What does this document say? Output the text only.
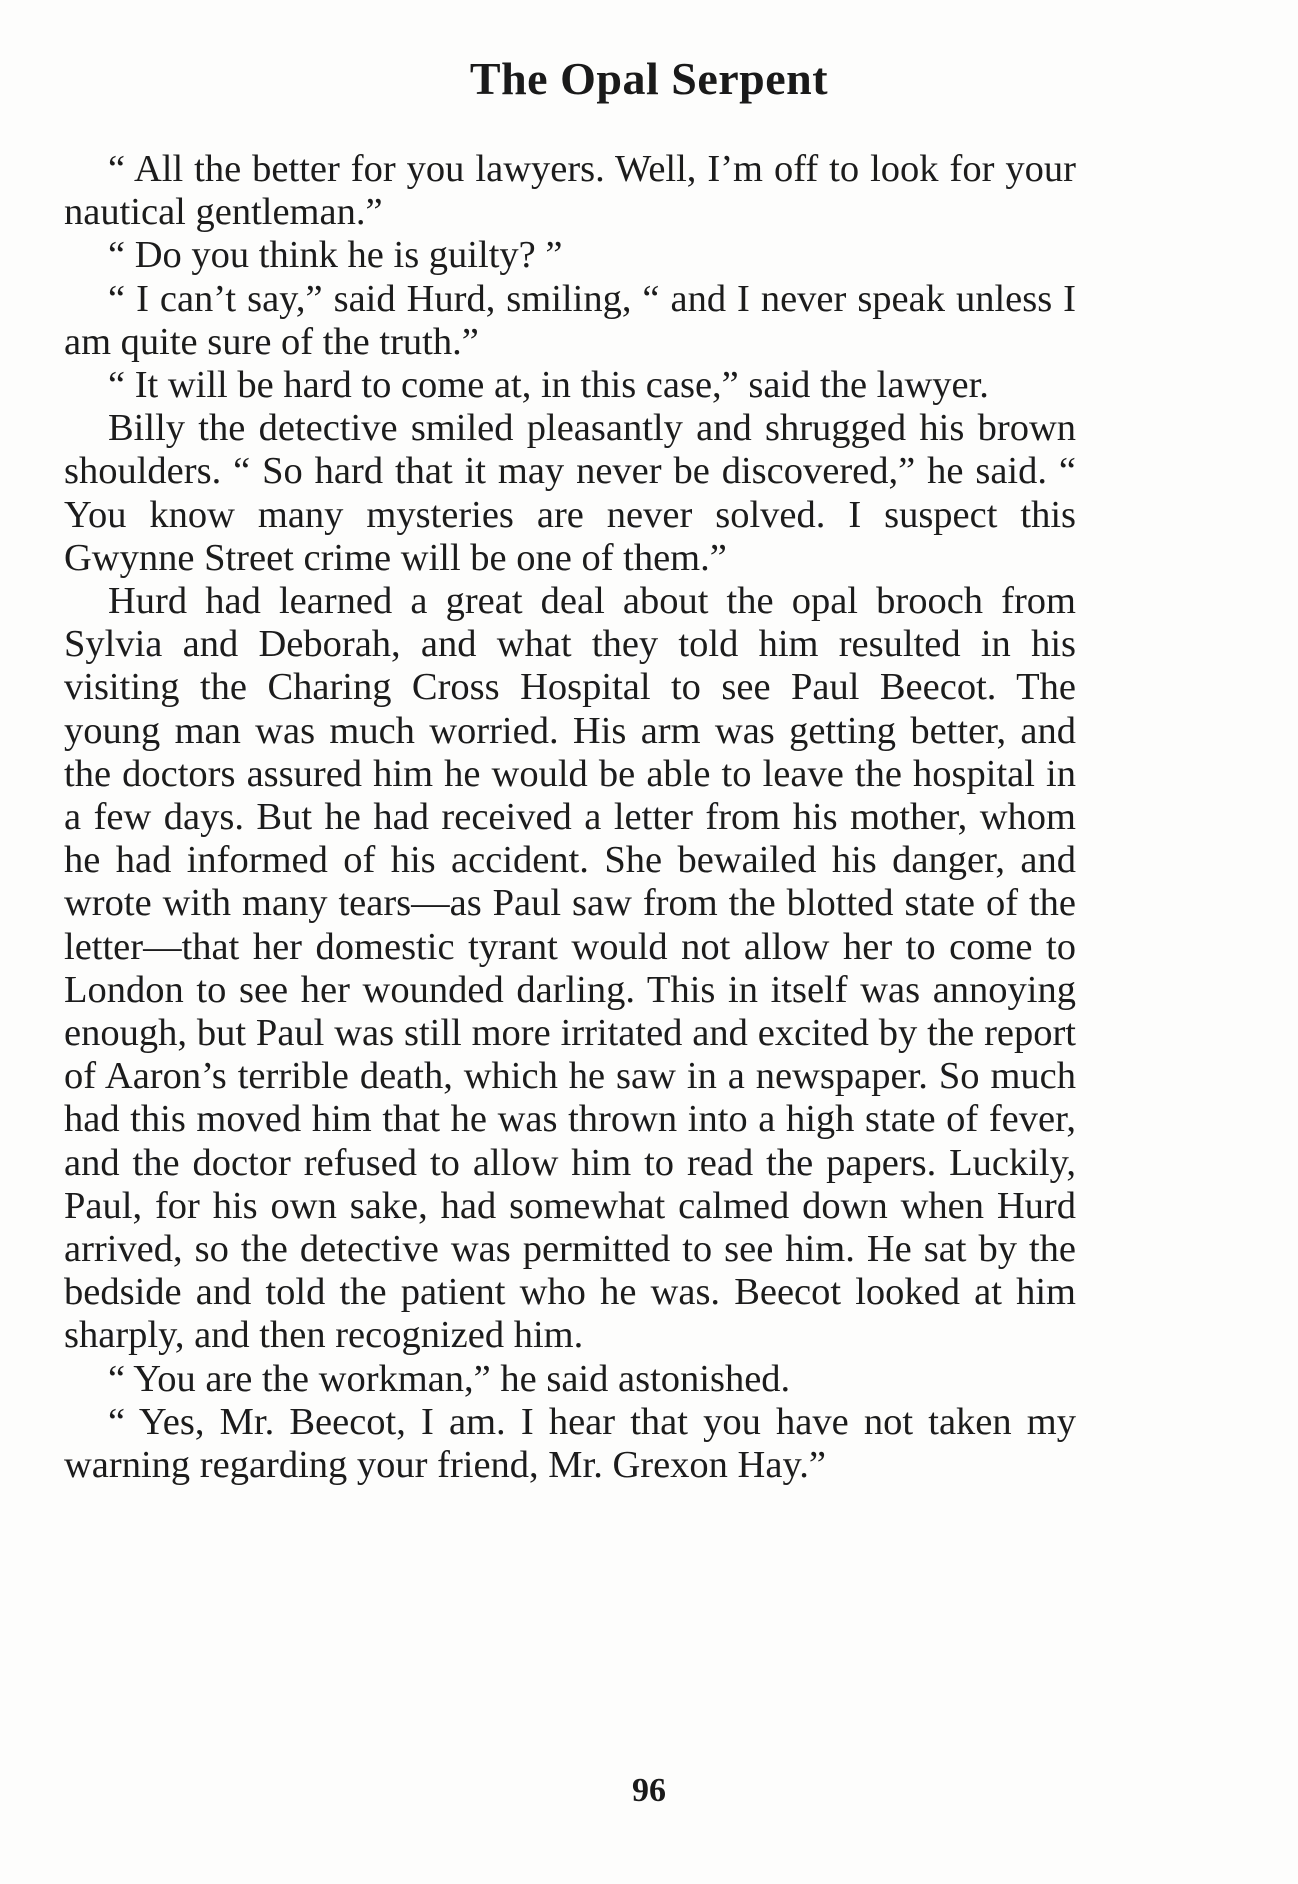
The Opal Serpent

“ All the better for you lawyers. Well, I’m off to look for your nautical gentleman.”

“ Do you think he is guilty? ”

“ I can’t say,” said Hurd, smiling, “ and I never speak unless I am quite sure of the truth.”

“ It will be hard to come at, in this case,” said the lawyer.

Billy the detective smiled pleasantly and shrugged his brown shoulders. “ So hard that it may never be discovered,” he said. “ You know many mysteries are never solved. I suspect this Gwynne Street crime will be one of them.”

Hurd had learned a great deal about the opal brooch from Sylvia and Deborah, and what they told him resulted in his visiting the Charing Cross Hospital to see Paul Beecot. The young man was much worried. His arm was getting better, and the doctors assured him he would be able to leave the hospital in a few days. But he had received a letter from his mother, whom he had informed of his accident. She bewailed his danger, and wrote with many tears—as Paul saw from the blotted state of the letter—that her domestic tyrant would not allow her to come to London to see her wounded darling. This in itself was annoying enough, but Paul was still more irritated and excited by the report of Aaron’s terrible death, which he saw in a newspaper. So much had this moved him that he was thrown into a high state of fever, and the doctor refused to allow him to read the papers. Luckily, Paul, for his own sake, had somewhat calmed down when Hurd arrived, so the detective was permitted to see him. He sat by the bedside and told the patient who he was. Beecot looked at him sharply, and then recognized him.

“ You are the workman,” he said astonished.

“ Yes, Mr. Beecot, I am. I hear that you have not taken my warning regarding your friend, Mr. Grexon Hay.”

96
